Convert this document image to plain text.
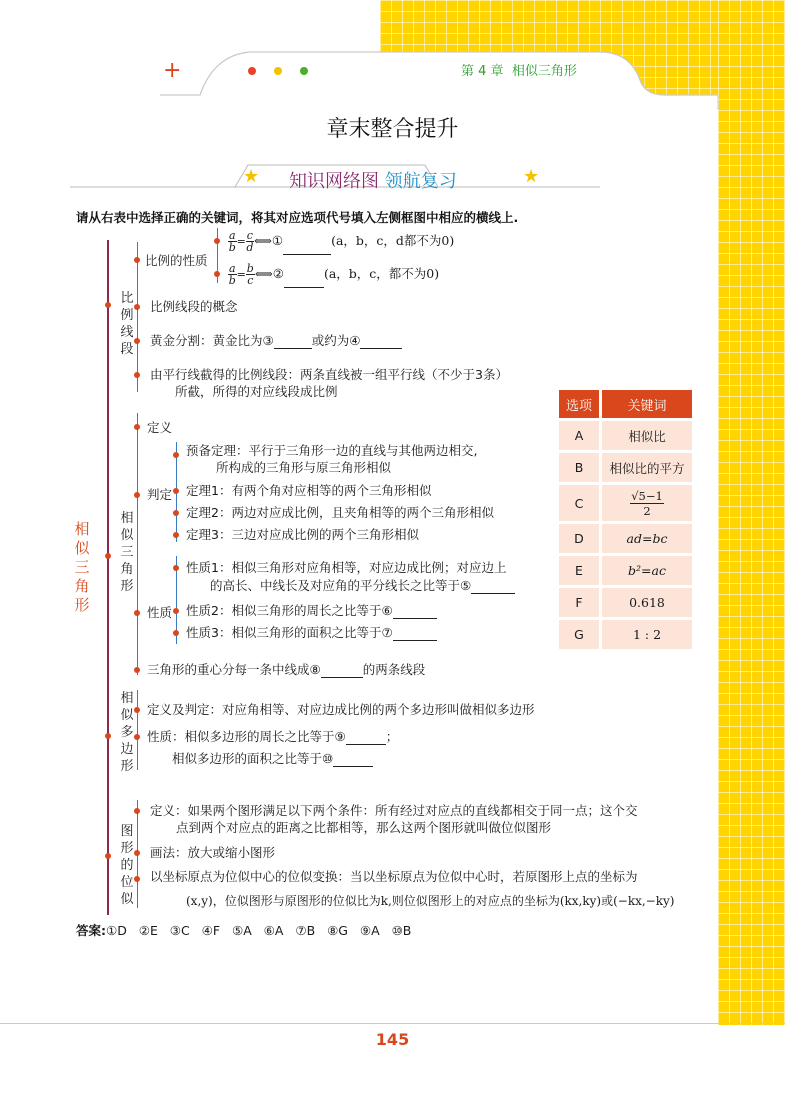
+	第 4 章 相似三角形
章末整合提升
★	★
知识网络图 领航复习
请从右表中选择正确的关键词，将其对应选项代号填入左侧框图中相应的横线上.
相似三角形
比例线段
相似三角形
相似多边形
图形的位似
比例的性质
$\frac{a}{b} = \frac{c}{d}$ ⟺①	(a，b，c，d都不为0)
$\frac{a}{b} = \frac{b}{c}$ ⟺②	(a，b，c，都不为0)
比例线段的概念
黄金分割：黄金比为③	或约为④
由平行线截得的比例线段：两条直线被一组平行线（不少于3条）
所截，所得的对应线段成比例
定义
判定
预备定理：平行于三角形一边的直线与其他两边相交,
所构成的三角形与原三角形相似
定理1：有两个角对应相等的两个三角形相似
定理2：两边对应成比例，且夹角相等的两个三角形相似
定理3：三边对应成比例的两个三角形相似
性质
性质1：相似三角形对应角相等，对应边成比例；对应边上
的高长、中线长及对应角的平分线长之比等于⑤
性质2：相似三角形的周长之比等于⑥
性质3：相似三角形的面积之比等于⑦
三角形的重心分每一条中线成⑧	的两条线段
定义及判定：对应角相等、对应边成比例的两个多边形叫做相似多边形
性质：相似多边形的周长之比等于⑨	；
相似多边形的面积之比等于⑩
定义：如果两个图形满足以下两个条件：所有经过对应点的直线都相交于同一点；这个交
点到两个对应点的距离之比都相等，那么这两个图形就叫做位似图形
画法：放大或缩小图形
以坐标原点为位似中心的位似变换：当以坐标原点为位似中心时，若原图形上点的坐标为
(x,y)，位似图形与原图形的位似比为k,则位似图形上的对应点的坐标为(kx,ky)或(−kx,−ky)
选项	关键词
A	相似比
B	相似比的平方
C	$\frac{√5-1}{2}$

D	ad=bc
E	b²=ac
F	0.618
G	1 : 2
答案:①D ②E ③C ④F ⑤A ⑥A ⑦B ⑧G ⑨A ⑩B
145
